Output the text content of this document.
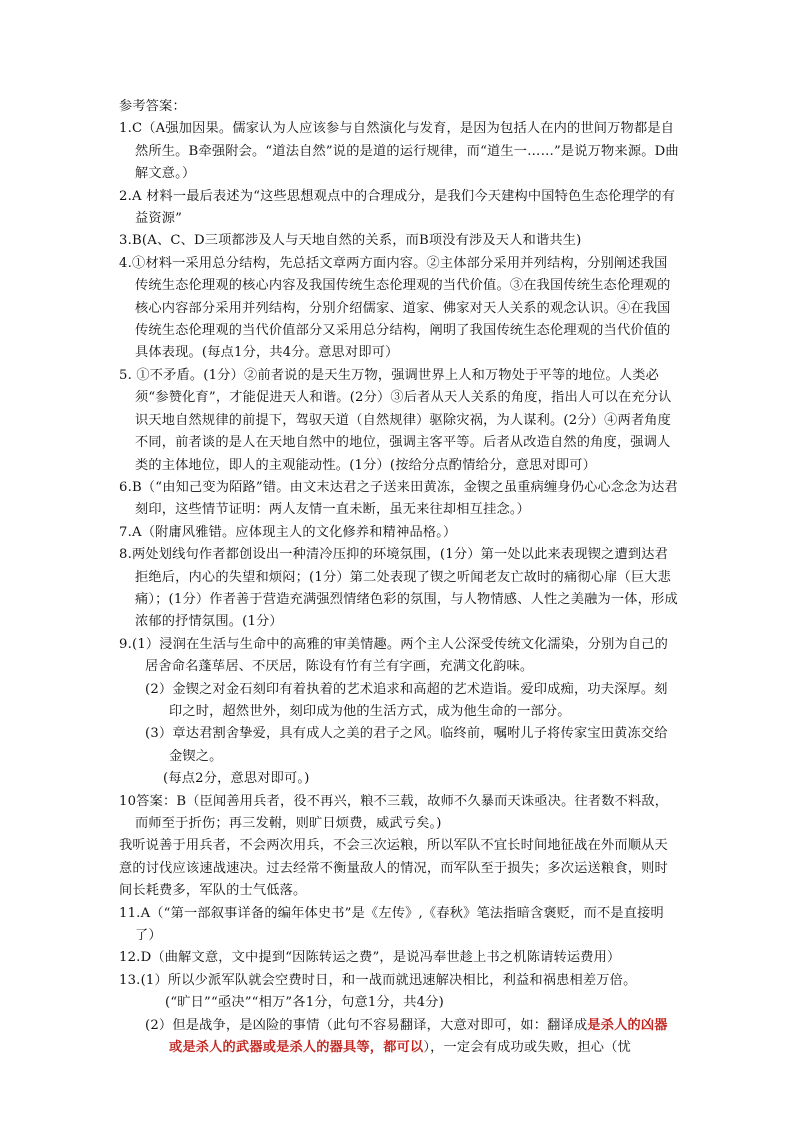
参考答案：

1.C（A强加因果。儒家认为人应该参与自然演化与发育，是因为包括人在内的世间万物都是自然所生。B牵强附会。“道法自然”说的是道的运行规律，而“道生一……”是说万物来源。D曲解文意。）

2.A 材料一最后表述为“这些思想观点中的合理成分，是我们今天建构中国特色生态伦理学的有益资源”

3.B(A、C、D三项都涉及人与天地自然的关系，而B项没有涉及天人和谐共生)

4.①材料一采用总分结构，先总括文章两方面内容。②主体部分采用并列结构，分别阐述我国传统生态伦理观的核心内容及我国传统生态伦理观的当代价值。③在我国传统生态伦理观的核心内容部分采用并列结构，分别介绍儒家、道家、佛家对天人关系的观念认识。④在我国传统生态伦理观的当代价值部分又采用总分结构，阐明了我国传统生态伦理观的当代价值的具体表现。(每点1分，共4分。意思对即可）

5. ①不矛盾。(1分）②前者说的是天生万物，强调世界上人和万物处于平等的地位。人类必须“参赞化育”，才能促进天人和谐。(2分）③后者从天人关系的角度，指出人可以在充分认识天地自然规律的前提下，驾驭天道（自然规律）驱除灾祸，为人谋利。(2分）④两者角度不同，前者谈的是人在天地自然中的地位，强调主客平等。后者从改造自然的角度，强调人类的主体地位，即人的主观能动性。(1分）(按给分点酌情给分，意思对即可）

6.B（“由知己变为陌路”错。由文末达君之子送来田黄冻，金锲之虽重病缠身仍心心念念为达君刻印，这些情节证明：两人友情一直未断，虽无来往却相互挂念。）

7.A（附庸风雅错。应体现主人的文化修养和精神品格。）

8.两处划线句作者都创设出一种清冷压抑的环境氛围，(1分）第一处以此来表现锲之遭到达君拒绝后，内心的失望和烦闷；(1分）第二处表现了锲之听闻老友亡故时的痛彻心扉（巨大悲痛）；(1分）作者善于营造充满强烈情绪色彩的氛围，与人物情感、人性之美融为一体，形成浓郁的抒情氛围。(1分）

9.(1）浸润在生活与生命中的高雅的审美情趣。两个主人公深受传统文化濡染，分别为自己的居舍命名蓬荜居、不厌居，陈设有竹有兰有字画，充满文化韵味。

(2）金锲之对金石刻印有着执着的艺术追求和高超的艺术造诣。爱印成痴，功夫深厚。刻印之时，超然世外，刻印成为他的生活方式，成为他生命的一部分。

(3）章达君割舍挚爱，具有成人之美的君子之风。临终前，嘱咐儿子将传家宝田黄冻交给金锲之。

(每点2分，意思对即可。)

10答案：B（臣闻善用兵者，役不再兴，粮不三载，故师不久暴而天诛亟决。往者数不料敌，而师至于折伤；再三发軵，则旷日烦费，威武亏矣。)

我听说善于用兵者，不会两次用兵，不会三次运粮，所以军队不宜长时间地征战在外而顺从天意的讨伐应该速战速决。过去经常不衡量敌人的情况，而军队至于损失；多次运送粮食，则时间长耗费多，军队的士气低落。

11.A（“第一部叙事详备的编年体史书”是《左传》,《春秋》笔法指暗含褒贬，而不是直接明了）

12.D（曲解文意，文中提到“因陈转运之费”，是说冯奉世趁上书之机陈请转运费用）

13.(1）所以少派军队就会空费时日，和一战而就迅速解决相比，利益和祸患相差万倍。

(“旷日”“亟决”“相万”各1分，句意1分，共4分)

(2）但是战争，是凶险的事情（此句不容易翻译，大意对即可，如：翻译成是杀人的凶器或是杀人的武器或是杀人的器具等，都可以），一定会有成功或失败，担心（忧
